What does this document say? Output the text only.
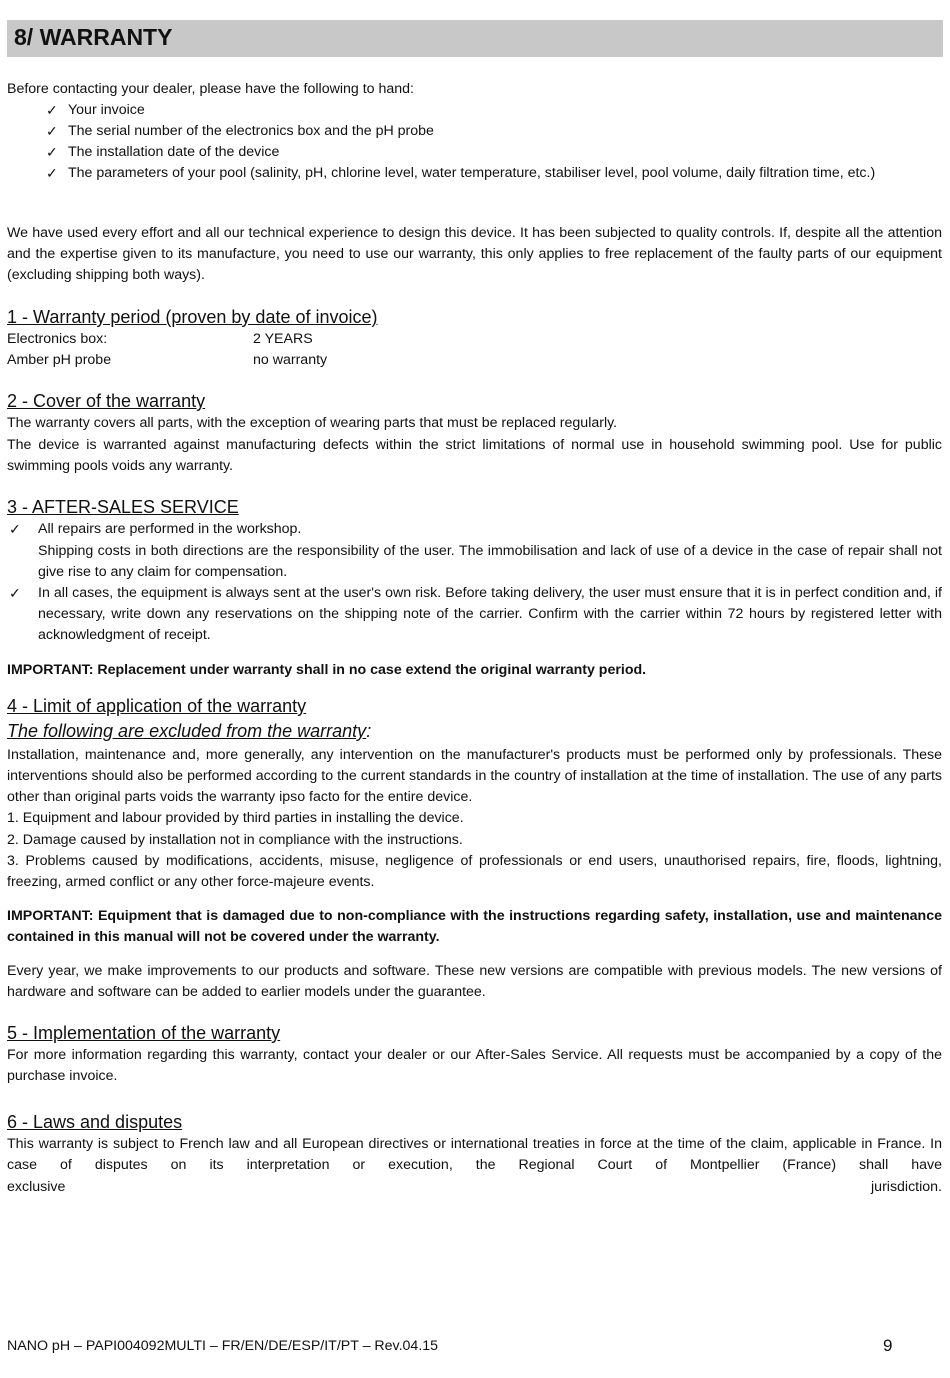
8/ WARRANTY
Before contacting your dealer, please have the following to hand:
✓ Your invoice
✓ The serial number of the electronics box and the pH probe
✓ The installation date of the device
✓ The parameters of your pool (salinity, pH, chlorine level, water temperature, stabiliser level, pool volume, daily filtration time, etc.)
We have used every effort and all our technical experience to design this device. It has been subjected to quality controls. If, despite all the attention and the expertise given to its manufacture, you need to use our warranty, this only applies to free replacement of the faulty parts of our equipment (excluding shipping both ways).
1 - Warranty period (proven by date of invoice)
Electronics box:	2 YEARS
Amber pH probe	no warranty
2 - Cover of the warranty
The warranty covers all parts, with the exception of wearing parts that must be replaced regularly.
The device is warranted against manufacturing defects within the strict limitations of normal use in household swimming pool. Use for public swimming pools voids any warranty.
3 - AFTER-SALES SERVICE
✓ All repairs are performed in the workshop.
Shipping costs in both directions are the responsibility of the user. The immobilisation and lack of use of a device in the case of repair shall not give rise to any claim for compensation.
✓ In all cases, the equipment is always sent at the user's own risk. Before taking delivery, the user must ensure that it is in perfect condition and, if necessary, write down any reservations on the shipping note of the carrier. Confirm with the carrier within 72 hours by registered letter with acknowledgment of receipt.
IMPORTANT: Replacement under warranty shall in no case extend the original warranty period.
4 - Limit of application of the warranty
The following are excluded from the warranty:
Installation, maintenance and, more generally, any intervention on the manufacturer's products must be performed only by professionals. These interventions should also be performed according to the current standards in the country of installation at the time of installation. The use of any parts other than original parts voids the warranty ipso facto for the entire device.
1. Equipment and labour provided by third parties in installing the device.
2. Damage caused by installation not in compliance with the instructions.
3. Problems caused by modifications, accidents, misuse, negligence of professionals or end users, unauthorised repairs, fire, floods, lightning, freezing, armed conflict or any other force-majeure events.
IMPORTANT: Equipment that is damaged due to non-compliance with the instructions regarding safety, installation, use and maintenance contained in this manual will not be covered under the warranty.
Every year, we make improvements to our products and software. These new versions are compatible with previous models. The new versions of hardware and software can be added to earlier models under the guarantee.
5 - Implementation of the warranty
For more information regarding this warranty, contact your dealer or our After-Sales Service. All requests must be accompanied by a copy of the purchase invoice.
6 - Laws and disputes
This warranty is subject to French law and all European directives or international treaties in force at the time of the claim, applicable in France. In case of disputes on its interpretation or execution, the Regional Court of Montpellier (France) shall have
exclusive	jurisdiction.
NANO pH – PAPI004092MULTI – FR/EN/DE/ESP/IT/PT – Rev.04.15	9
